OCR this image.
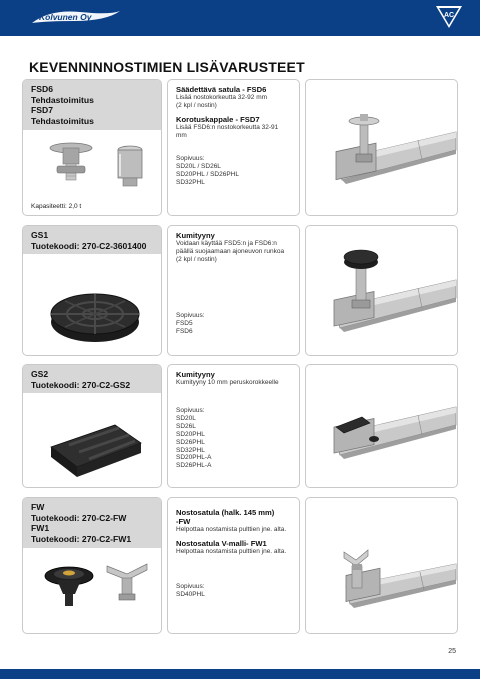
Kolvunen Oy	AC
KEVENNINNOSTIMIEN LISÄVARUSTEET
FSD6
Tehdastoimitus
FSD7
Tehdastoimitus
Kapasiteetti: 2,0 t
Säädettävä satula - FSD6
Lisää nostokorkeutta 32-92 mm
(2 kpl / nostin)
Korotuskappale - FSD7
Lisää FSD6:n nostokorkeutta 32-91
mm
Sopivuus:
SD20L / SD26L
SD20PHL / SD26PHL
SD32PHL
GS1
Tuotekoodi: 270-C2-3601400
Kumityyny
Voidaan käyttää FSD5:n ja FSD6:n
päällä suojaamaan ajoneuvon runkoa
(2 kpl / nostin)
Sopivuus:
FSD5
FSD6
GS2
Tuotekoodi: 270-C2-GS2
Kumityyny
Kumityyny 10 mm peruskorokkeelle
Sopivuus:
SD20L
SD26L
SD20PHL
SD26PHL
SD32PHL
SD20PHL-A
SD26PHL-A
FW
Tuotekoodi: 270-C2-FW
FW1
Tuotekoodi: 270-C2-FW1
Nostosatula (halk. 145 mm)
-FW
Helpottaa nostamista pulttien jne. alta.
Nostosatula V-malli- FW1
Helpottaa nostamista pulttien jne. alta.
Sopivuus:
SD40PHL
25
